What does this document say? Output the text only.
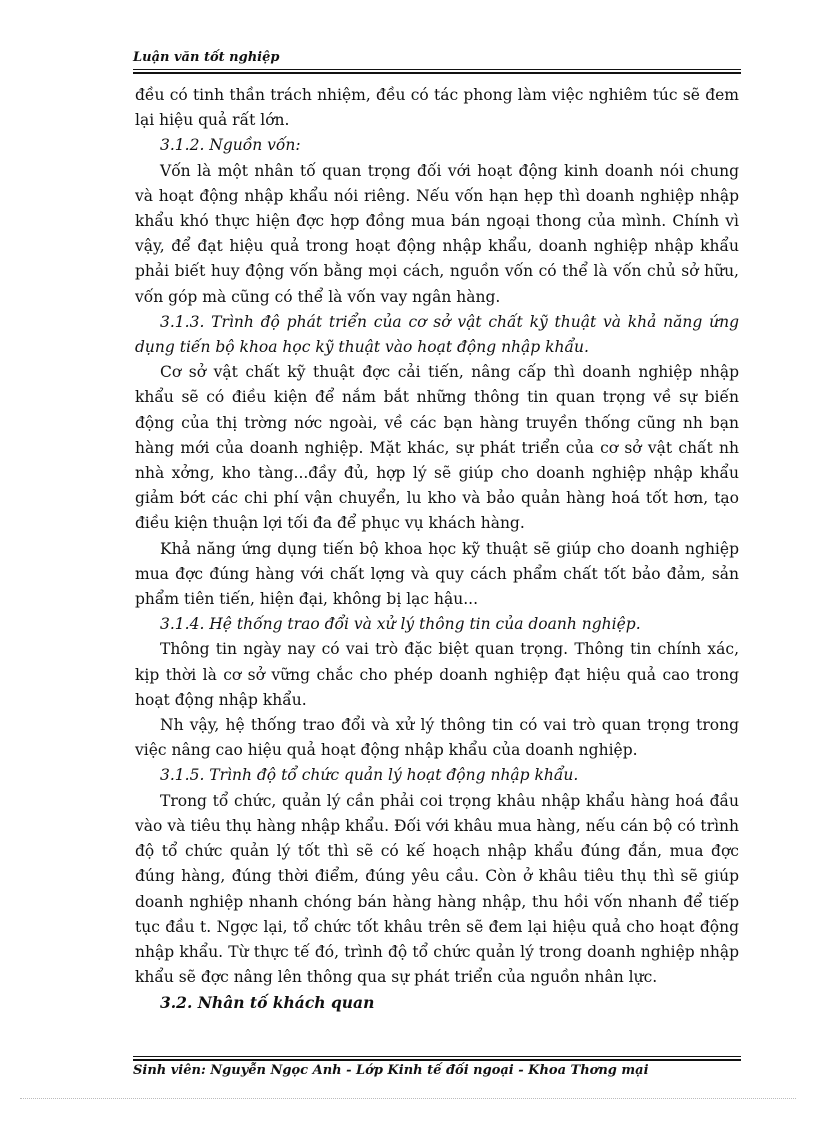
Luận văn tốt nghiệp

đều có tinh thần trách nhiệm, đều có tác phong làm việc nghiêm túc sẽ đem lại hiệu quả rất lớn.

3.1.2. Nguồn vốn:

Vốn là một nhân tố quan trọng đối với hoạt động kinh doanh nói chung và hoạt động nhập khẩu nói riêng. Nếu vốn hạn hẹp thì doanh nghiệp nhập khẩu khó thực hiện đợc hợp đồng mua bán ngoại thong của mình. Chính vì vậy, để đạt hiệu quả trong hoạt động nhập khẩu, doanh nghiệp nhập khẩu phải biết huy động vốn bằng mọi cách, nguồn vốn có thể là vốn chủ sở hữu, vốn góp mà cũng có thể là vốn vay ngân hàng.

3.1.3. Trình độ phát triển của cơ sở vật chất kỹ thuật và khả năng ứng dụng tiến bộ khoa học kỹ thuật vào hoạt động nhập khẩu.

Cơ sở vật chất kỹ thuật đợc cải tiến, nâng cấp thì doanh nghiệp nhập khẩu sẽ có điều kiện để nắm bắt những thông tin quan trọng về sự biến động của thị trờng nớc ngoài, về các bạn hàng truyền thống cũng nh bạn hàng mới của doanh nghiệp. Mặt khác, sự phát triển của cơ sở vật chất nh nhà xởng, kho tàng...đầy đủ, hợp lý sẽ giúp cho doanh nghiệp nhập khẩu giảm bớt các chi phí vận chuyển, lu kho và bảo quản hàng hoá tốt hơn, tạo điều kiện thuận lợi tối đa để phục vụ khách hàng.

Khả năng ứng dụng tiến bộ khoa học kỹ thuật sẽ giúp cho doanh nghiệp mua đợc đúng hàng với chất lợng và quy cách phẩm chất tốt bảo đảm, sản phẩm tiên tiến, hiện đại, không bị lạc hậu...

3.1.4. Hệ thống trao đổi và xử lý thông tin của doanh nghiệp.

Thông tin ngày nay có vai trò đặc biệt quan trọng. Thông tin chính xác, kịp thời là cơ sở vững chắc cho phép doanh nghiệp đạt hiệu quả cao trong hoạt động nhập khẩu.

Nh vậy, hệ thống trao đổi và xử lý thông tin có vai trò quan trọng trong việc nâng cao hiệu quả hoạt động nhập khẩu của doanh nghiệp.

3.1.5. Trình độ tổ chức quản lý hoạt động nhập khẩu.

Trong tổ chức, quản lý cần phải coi trọng khâu nhập khẩu hàng hoá đầu vào và tiêu thụ hàng nhập khẩu. Đối với khâu mua hàng, nếu cán bộ có trình độ tổ chức quản lý tốt thì sẽ có kế hoạch nhập khẩu đúng đắn, mua đợc đúng hàng, đúng thời điểm, đúng yêu cầu. Còn ở khâu tiêu thụ thì sẽ giúp doanh nghiệp nhanh chóng bán hàng hàng nhập, thu hồi vốn nhanh để tiếp tục đầu t. Ngợc lại, tổ chức tốt khâu trên sẽ đem lại hiệu quả cho hoạt động nhập khẩu. Từ thực tế đó, trình độ tổ chức quản lý trong doanh nghiệp nhập khẩu sẽ đợc nâng lên thông qua sự phát triển của nguồn nhân lực.

3.2. Nhân tố khách quan

Sinh viên: Nguyễn Ngọc Anh - Lớp Kinh tế đối ngoại - Khoa Thơng mại
